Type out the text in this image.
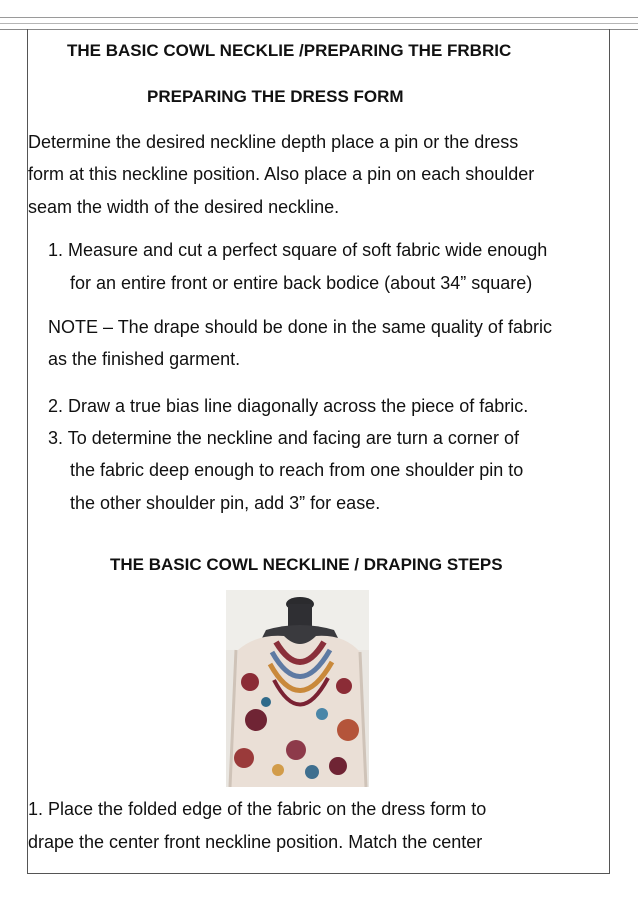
THE BASIC COWL NECKLIE /PREPARING THE FRBRIC
PREPARING THE DRESS FORM
Determine the desired neckline depth place a pin or the dress
form at this neckline position. Also place a pin on each shoulder
seam the width of the desired neckline.
1. Measure and cut a perfect square of soft fabric wide enough
for an entire front or entire back bodice (about 34” square)
NOTE – The drape should be done in the same quality of fabric
as the finished garment.
2. Draw a true bias line diagonally across the piece of fabric.
3. To determine the neckline and facing are turn a corner of
the fabric deep enough to reach from one shoulder pin to
the other shoulder pin, add 3” for ease.
THE BASIC COWL NECKLINE / DRAPING STEPS
1. Place the folded edge of the fabric on the dress form to
drape the center front neckline position. Match the center
